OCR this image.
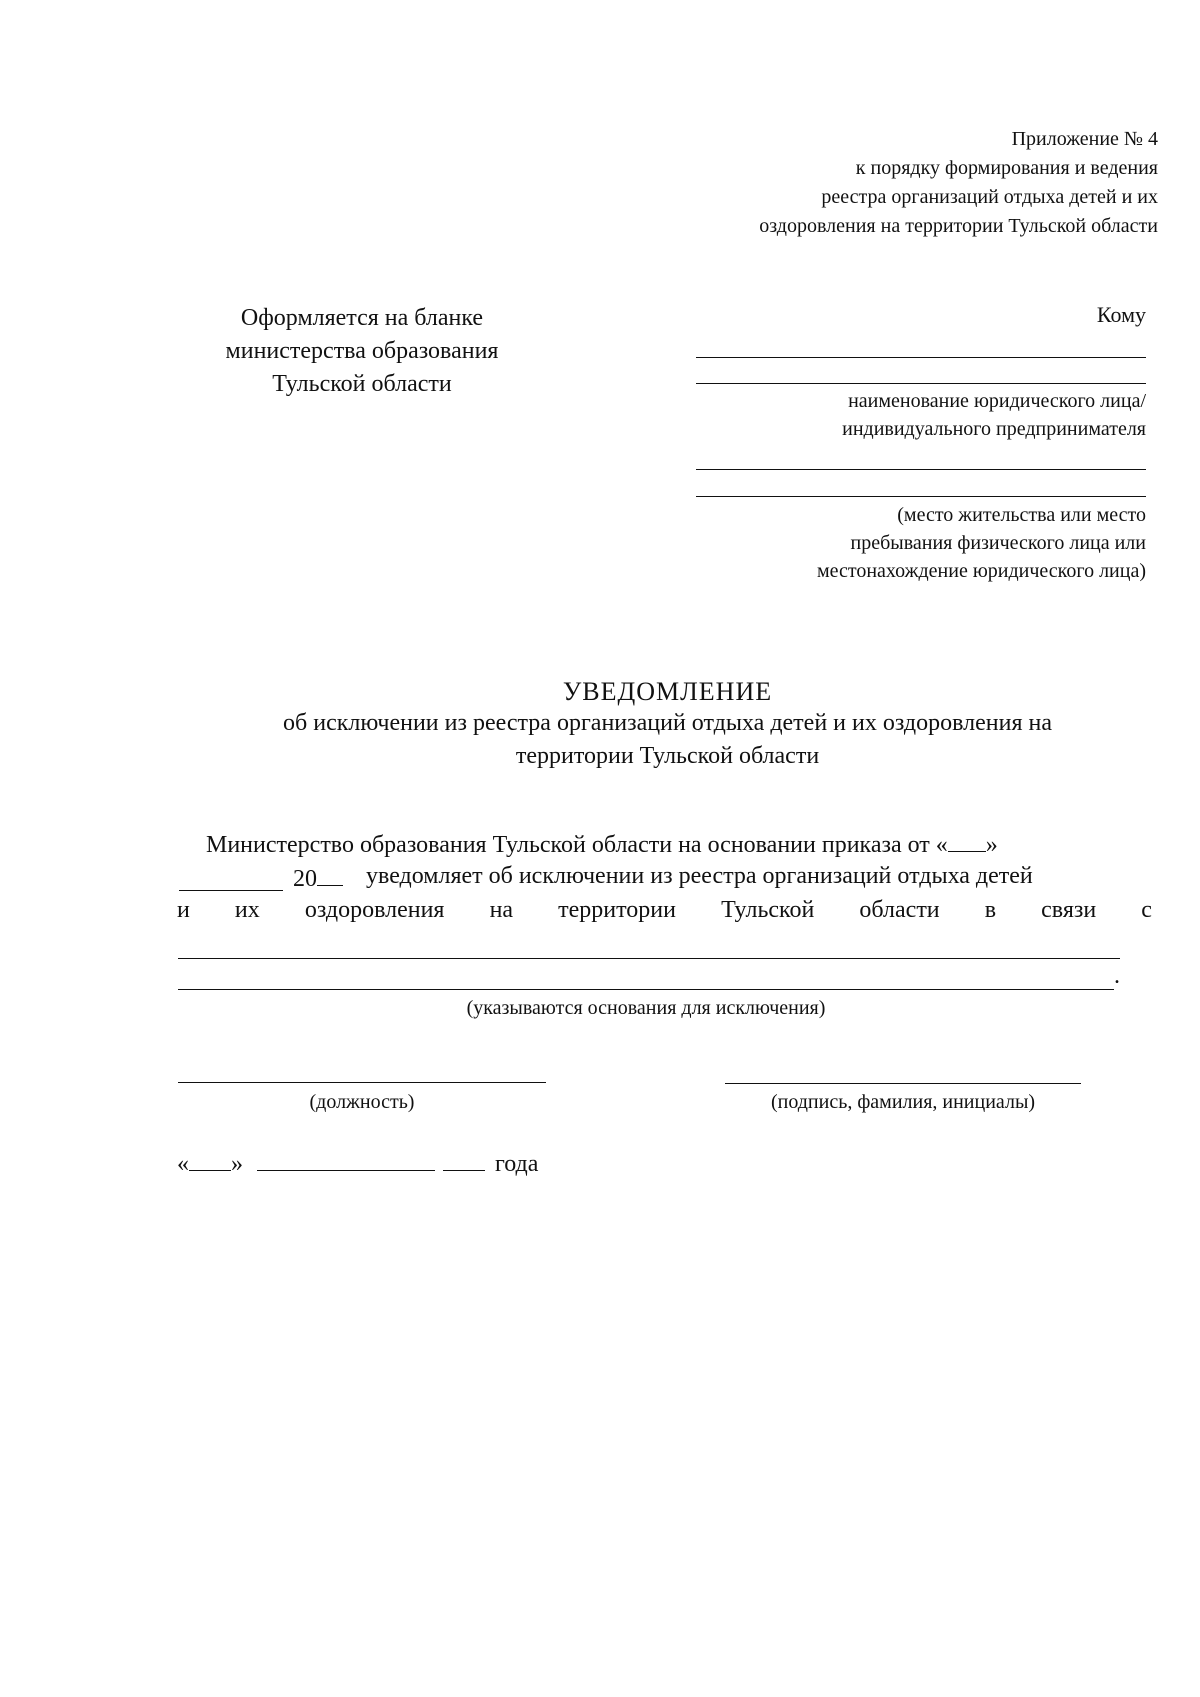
Приложение № 4
к порядку формирования и ведения
реестра организаций отдыха детей и их
оздоровления на территории Тульской области
Оформляется на бланке
министерства образования
Тульской области
Кому
наименование юридического лица/
индивидуального предпринимателя
(место жительства или место
пребывания физического лица или
местонахождение юридического лица)
УВЕДОМЛЕНИЕ
об исключении из реестра организаций отдыха детей и их оздоровления на
территории Тульской области
Министерство образования Тульской области на основании приказа от « »
20	уведомляет об исключении из реестра организаций отдыха детей
и их оздоровления на территории Тульской области в связи с
.
(указываются основания для исключения)
(должность)	(подпись, фамилия, инициалы)
« »	года
